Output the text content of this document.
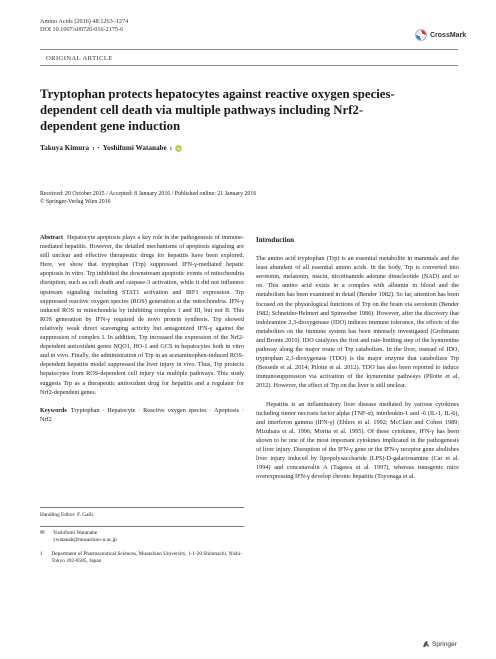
Amino Acids (2016) 48:1263–1274
DOI 10.1007/s00726-016-2175-6
CrossMark
ORIGINAL ARTICLE
Tryptophan protects hepatocytes against reactive oxygen species-dependent cell death via multiple pathways including Nrf2-dependent gene induction
Takuya Kimura 1 · Yoshifumi Watanabe 1 iD
Received: 20 October 2015 / Accepted: 8 January 2016 / Published online: 21 January 2016
© Springer-Verlag Wien 2016

Abstract Hepatocyte apoptosis plays a key role in the pathogenesis of immune-mediated hepatitis. However, the detailed mechanisms of apoptosis signaling are still unclear and effective therapeutic drugs for hepatitis have been explored. Here, we show that tryptophan (Trp) suppressed IFN-γ-mediated hepatic apoptosis in vitro. Trp inhibited the downstream apoptotic events of mitochondria disruption, such as cell death and caspase-3 activation, while it did not influence upstream signaling including STAT1 activation and IRF1 expression. Trp suppressed reactive oxygen species (ROS) generation at the mitochondria. IFN-γ induced ROS in mitochondria by inhibiting complex I and III, but not II. This ROS generation by IFN-γ required de novo protein synthesis. Trp showed relatively weak direct scavenging activity but antagonized IFN-γ against the suppression of complex I. In addition, Trp increased the expression of the Nrf2-dependent antioxidant genes NQO1, HO-1 and GCS in hepatocytes both in vitro and in vivo. Finally, the administration of Trp in an acetaminophen-induced ROS-dependent hepatitis model suppressed the liver injury in vivo. Thus, Trp protects hepatocytes from ROS-dependent cell injury via multiple pathways. This study suggests Trp as a therapeutic antioxidant drug for hepatitis and a regulator for Nrf2-dependent genes.

Keywords Tryptophan · Hepatocyte · Reactive oxygen species · Apoptosis · Nrf2

Handling Editor: F. Galli.
✉	Yoshifumi Watanabe
ywatanab@musashino-u.ac.jp
1	Department of Pharmaceutical Sciences, Musashino University, 1-1-20 Shinmachi, Nishi-Tokyo 202-8585, Japan
Introduction

The amino acid tryptophan (Trp) is an essential metabolite in mammals and the least abundant of all essential amino acids. In the body, Trp is converted into serotonin, melatonin, niacin, nicotinamide adenine dinucleotide (NAD) and so on. This amino acid exists in a complex with albumin in blood and the metabolism has been examined in detail (Bender 1982). So far, attention has been focused on the physiological functions of Trp on the brain via serotonin (Bender 1982; Schneider-Helmert and Spinweber 1986). However, after the discovery that indoleamine 2,3-dioxygenase (IDO) induces immune tolerance, the effects of the metabolites on the immune system has been intensely investigated (Grohmann and Bronte 2010). IDO catalyzes the first and rate-limiting step of the kynurenine pathway along the major route of Trp catabolism. In the liver, instead of IDO, tryptophan 2,3-dioxygenase (TDO) is the major enzyme that catabolizes Trp (Bessede et al. 2014; Pilotte et al. 2012). TDO has also been reported to induce immunosuppression via activation of the kynurenine pathways (Pilotte et al. 2012). However, the effect of Trp on the liver is still unclear.

Hepatitis is an inflammatory liver disease mediated by various cytokines including tumor necrosis factor alpha (TNF-α), interleukin-1 and -6 (IL-1, IL-6), and interferon gamma (IFN-γ) (Ehlers et al. 1992; McClain and Cohen 1989; Mizuhara et al. 1996; Morita et al. 1995). Of these cytokines, IFN-γ has been shown to be one of the most important cytokines implicated in the pathogenesis of liver injury. Disruption of the IFN-γ gene or the IFN-γ receptor gene abolishes liver injury induced by lipopolysaccharide (LPS)-D-galactosamine (Car et al. 1994) and concanavalin A (Tagawa et al. 1997), whereas transgenic mice overexpressing IFN-γ develop chronic hepatitis (Toyonaga et al.

Springer
